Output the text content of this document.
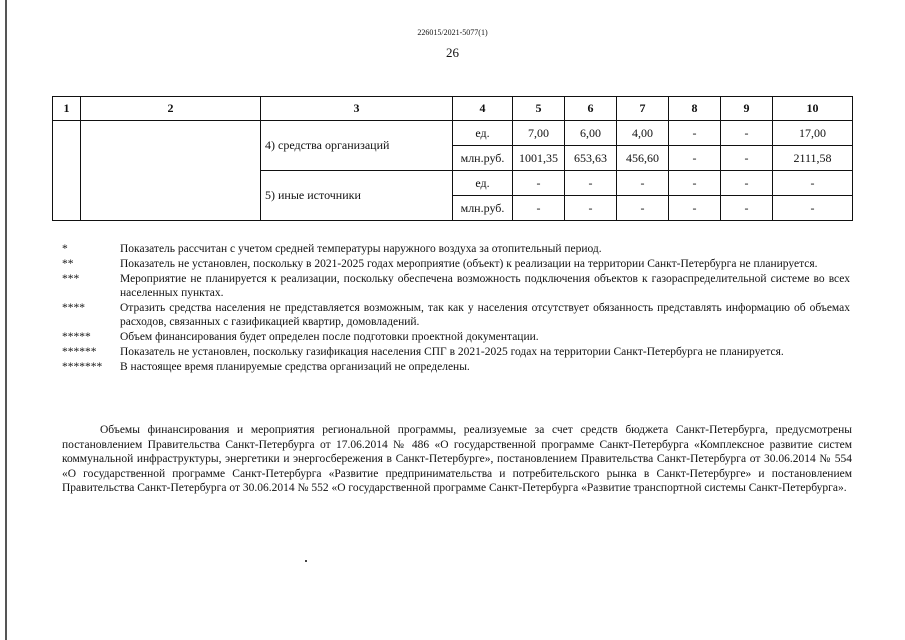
226015/2021-5077(1)
26
1	2	3	4	5	6	7	8	9	10
		4) средства организаций	ед.	7,00	6,00	4,00	-	-	17,00
			млн.руб.	1001,35	653,63	456,60	-	-	2111,58
		5) иные источники	ед.	-	-	-	-	-	-
			млн.руб.	-	-	-	-	-	-
*	Показатель рассчитан с учетом средней температуры наружного воздуха за отопительный период.
**	Показатель не установлен, поскольку в 2021-2025 годах мероприятие (объект) к реализации на территории Санкт-Петербурга не планируется.
***	Мероприятие не планируется к реализации, поскольку обеспечена возможность подключения объектов к газораспределительной системе во всех населенных пунктах.
****	Отразить средства населения не представляется возможным, так как у населения отсутствует обязанность представлять информацию об объемах расходов, связанных с газификацией квартир, домовладений.
*****	Объем финансирования будет определен после подготовки проектной документации.
******	Показатель не установлен, поскольку газификация населения СПГ в 2021-2025 годах на территории Санкт-Петербурга не планируется.
*******	В настоящее время планируемые средства организаций не определены.
Объемы финансирования и мероприятия региональной программы, реализуемые за счет средств бюджета Санкт-Петербурга, предусмотрены постановлением Правительства Санкт-Петербурга от 17.06.2014 № 486 «О государственной программе Санкт-Петербурга «Комплексное развитие систем коммунальной инфраструктуры, энергетики и энергосбережения в Санкт-Петербурге», постановлением Правительства Санкт-Петербурга от 30.06.2014 № 554 «О государственной программе Санкт-Петербурга «Развитие предпринимательства и потребительского рынка в Санкт-Петербурге» и постановлением Правительства Санкт-Петербурга от 30.06.2014 № 552 «О государственной программе Санкт-Петербурга «Развитие транспортной системы Санкт-Петербурга».
